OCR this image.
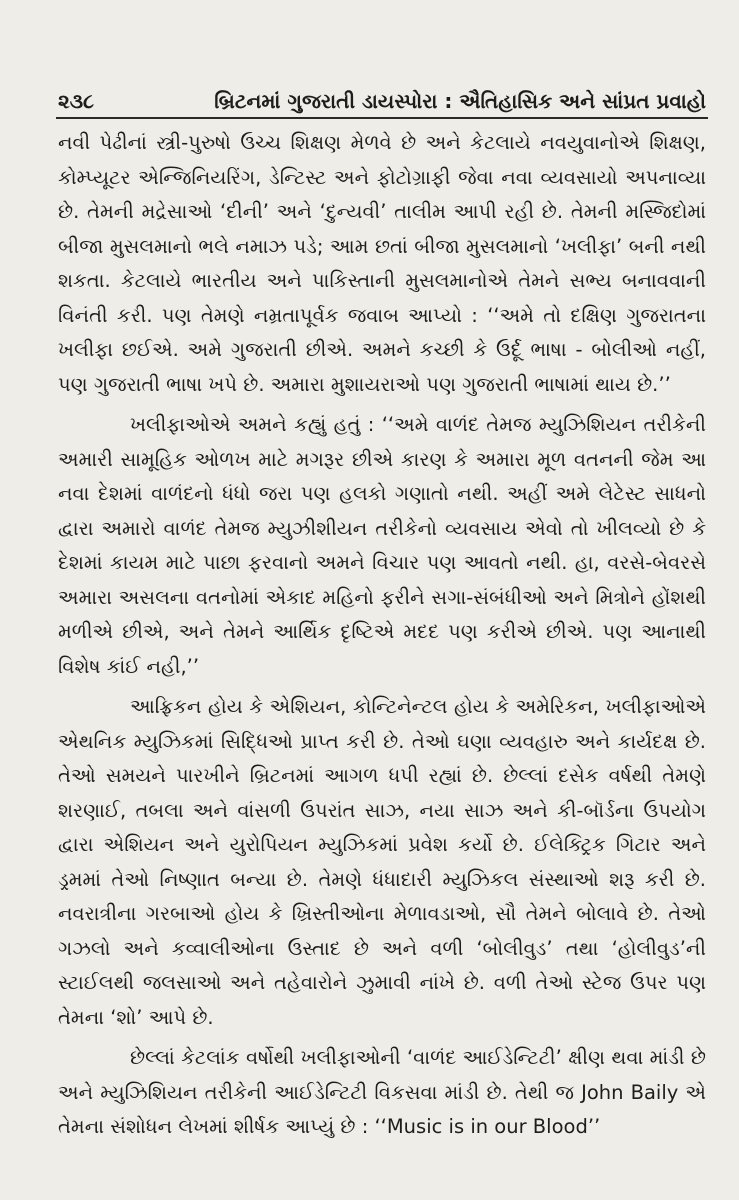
૨૩૮	બ્રિટનમાં ગુજરાતી ડાયસ્પોરા : ઐતિહાસિક અને સાંપ્રત પ્રવાહો

નવી પેઢીનાં સ્ત્રી-પુરુષો ઉચ્ચ શિક્ષણ મેળવે છે અને કેટલાયે નવયુવાનોએ શિક્ષણ, કોમ્પ્યૂટર એન્જિનિયરિંગ, ડેન્ટિસ્ટ અને ફોટોગ્રાફી જેવા નવા વ્યવસાયો અપનાવ્યા છે. તેમની મદ્રેસાઓ ‘દીની’ અને ‘દુન્યવી’ તાલીમ આપી રહી છે. તેમની મસ્જિદોમાં બીજા મુસલમાનો ભલે નમાઝ પડે; આમ છતાં બીજા મુસલમાનો ‘ખલીફા’ બની નથી શકતા. કેટલાયે ભારતીય અને પાકિસ્તાની મુસલમાનોએ તેમને સભ્ય બનાવવાની વિનંતી કરી. પણ તેમણે નમ્રતાપૂર્વક જવાબ આપ્યો : ‘‘અમે તો દક્ષિણ ગુજરાતના ખલીફા છઈએ. અમે ગુજરાતી છીએ. અમને કચ્છી કે ઉર્દૂ ભાષા - બોલીઓ નહીં, પણ ગુજરાતી ભાષા ખપે છે. અમારા મુશાયરાઓ પણ ગુજરાતી ભાષામાં થાય છે.’’

ખલીફાઓએ અમને કહ્યું હતું : ‘‘અમે વાળંદ તેમજ મ્યુઝિશિયન તરીકેની અમારી સામૂહિક ઓળખ માટે મગરૂર છીએ કારણ કે અમારા મૂળ વતનની જેમ આ નવા દેશમાં વાળંદનો ધંધો જરા પણ હલકો ગણાતો નથી. અહીં અમે લેટેસ્ટ સાધનો દ્વારા અમારો વાળંદ તેમજ મ્યુઝીશીયન તરીકેનો વ્યવસાય એવો તો ખીલવ્યો છે કે દેશમાં કાયમ માટે પાછા ફરવાનો અમને વિચાર પણ આવતો નથી. હા, વરસે-બેવરસે અમારા અસલના વતનોમાં એકાદ મહિનો ફરીને સગા-સંબંધીઓ અને મિત્રોને હોંશથી મળીએ છીએ, અને તેમને આર્થિક દૃષ્ટિએ મદદ પણ કરીએ છીએ. પણ આનાથી વિશેષ કાંઈ નહી,’’

આફ્રિકન હોય કે એશિયન, કોન્ટિનેન્ટલ હોય કે અમેરિકન, ખલીફાઓએ એથનિક મ્યુઝિકમાં સિદ્ધિઓ પ્રાપ્ત કરી છે. તેઓ ઘણા વ્યવહારુ અને કાર્યદક્ષ છે. તેઓ સમયને પારખીને બ્રિટનમાં આગળ ધપી રહ્યાં છે. છેલ્લાં દસેક વર્ષથી તેમણે શરણાઈ, તબલા અને વાંસળી ઉપરાંત સાઝ, નયા સાઝ અને કી-બૉર્ડના ઉપયોગ દ્વારા એશિયન અને યુરોપિયન મ્યુઝિકમાં પ્રવેશ કર્યો છે. ઈલેક્ટ્રિક ગિટાર અને ડ્રમમાં તેઓ નિષ્ણાત બન્યા છે. તેમણે ધંધાદારી મ્યુઝિકલ સંસ્થાઓ શરૂ કરી છે. નવરાત્રીના ગરબાઓ હોય કે ખ્રિસ્તીઓના મેળાવડાઓ, સૌ તેમને બોલાવે છે. તેઓ ગઝલો અને કવ્વાલીઓના ઉસ્તાદ છે અને વળી ‘બોલીવુડ’ તથા ‘હોલીવુડ’ની સ્ટાઈલથી જલસાઓ અને તહેવારોને ઝુમાવી નાંખે છે. વળી તેઓ સ્ટેજ ઉપર પણ તેમના ‘શો’ આપે છે.

છેલ્લાં કેટલાંક વર્ષોથી ખલીફાઓની ‘વાળંદ આઈડેન્ટિટી’ ક્ષીણ થવા માંડી છે અને મ્યુઝિશિયન તરીકેની આઈડેન્ટિટી વિકસવા માંડી છે. તેથી જ John Baily એ તેમના સંશોધન લેખમાં શીર્ષક આપ્યું છે : ‘‘Music is in our Blood’’
